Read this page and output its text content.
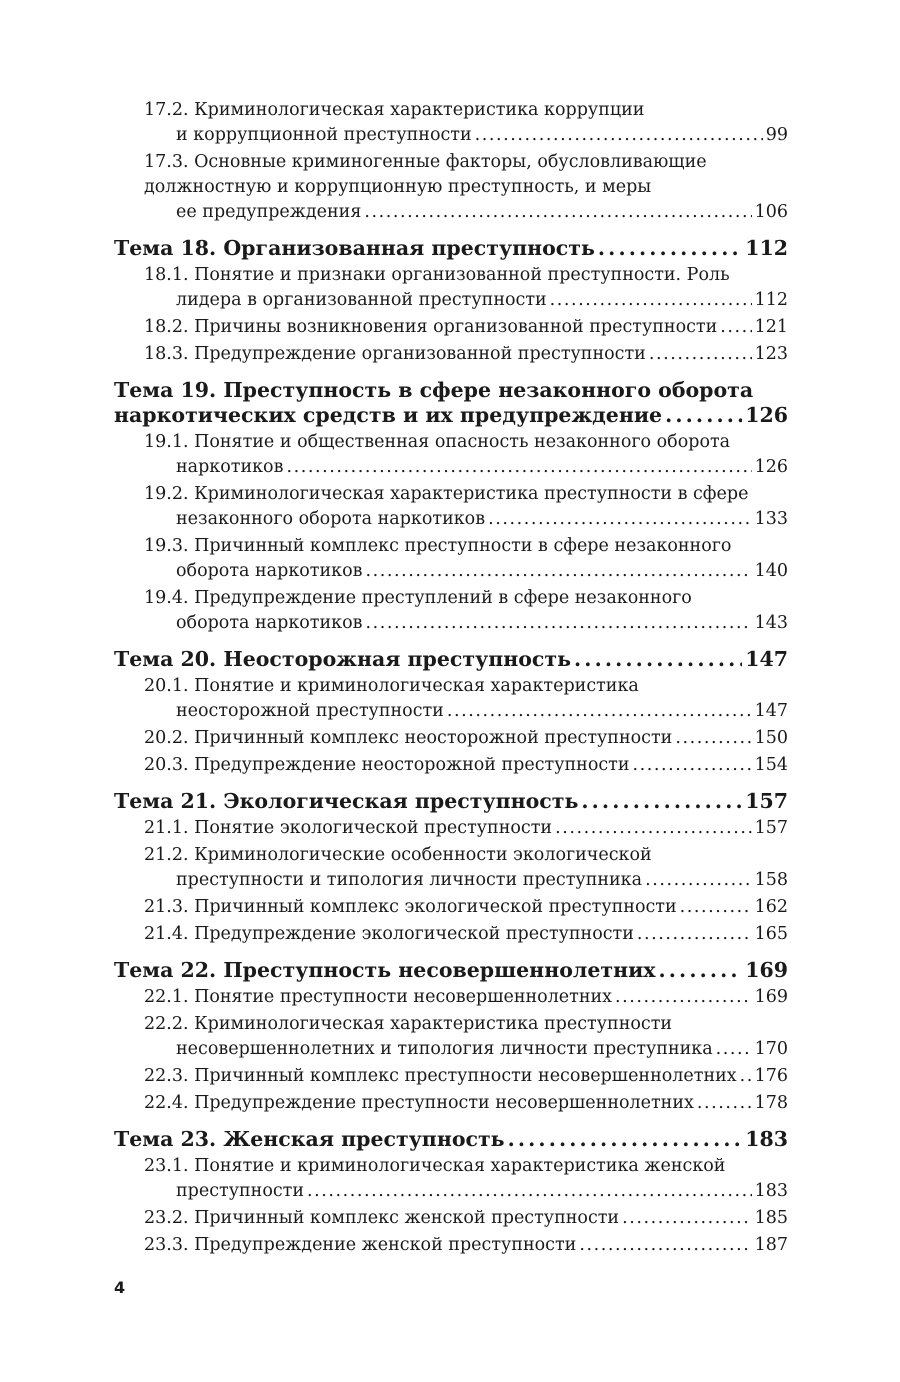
17.2. Криминологическая характеристика коррупции
и коррупционной преступности . . .	99
17.3. Основные криминогенные факторы, обусловливающие
должностную и коррупционную преступность, и меры
ее предупреждения . . .	106
Тема 18. Организованная преступность . . .	112
18.1. Понятие и признаки организованной преступности. Роль
лидера в организованной преступности . . .	112
18.2. Причины возникновения организованной преступности . . . 121
18.3. Предупреждение организованной преступности . . .	123
Тема 19. Преступность в сфере незаконного оборота
наркотических средств и их предупреждение . . .	126
19.1. Понятие и общественная опасность незаконного оборота
наркотиков . . .	126
19.2. Криминологическая характеристика преступности в сфере
незаконного оборота наркотиков . . .	133
19.3. Причинный комплекс преступности в сфере незаконного
оборота наркотиков . . .	140
19.4. Предупреждение преступлений в сфере незаконного
оборота наркотиков . . .	143
Тема 20. Неосторожная преступность . . .	147
20.1. Понятие и криминологическая характеристика
неосторожной преступности . . .	147
20.2. Причинный комплекс неосторожной преступности . . .	150
20.3. Предупреждение неосторожной преступности . . .	154
Тема 21. Экологическая преступность . . .	157
21.1. Понятие экологической преступности . . .	157
21.2. Криминологические особенности экологической
преступности и типология личности преступника . . .	158
21.3. Причинный комплекс экологической преступности . . .	162
21.4. Предупреждение экологической преступности . . .	165
Тема 22. Преступность несовершеннолетних . . .	169
22.1. Понятие преступности несовершеннолетних . . .	169
22.2. Криминологическая характеристика преступности
несовершеннолетних и типология личности преступника . . . 170
22.3. Причинный комплекс преступности несовершеннолетних . . . 176
22.4. Предупреждение преступности несовершеннолетних . . .	178
Тема 23. Женская преступность . . .	183
23.1. Понятие и криминологическая характеристика женской
преступности . . .	183
23.2. Причинный комплекс женской преступности . . .	185
23.3. Предупреждение женской преступности . . .	187
4
